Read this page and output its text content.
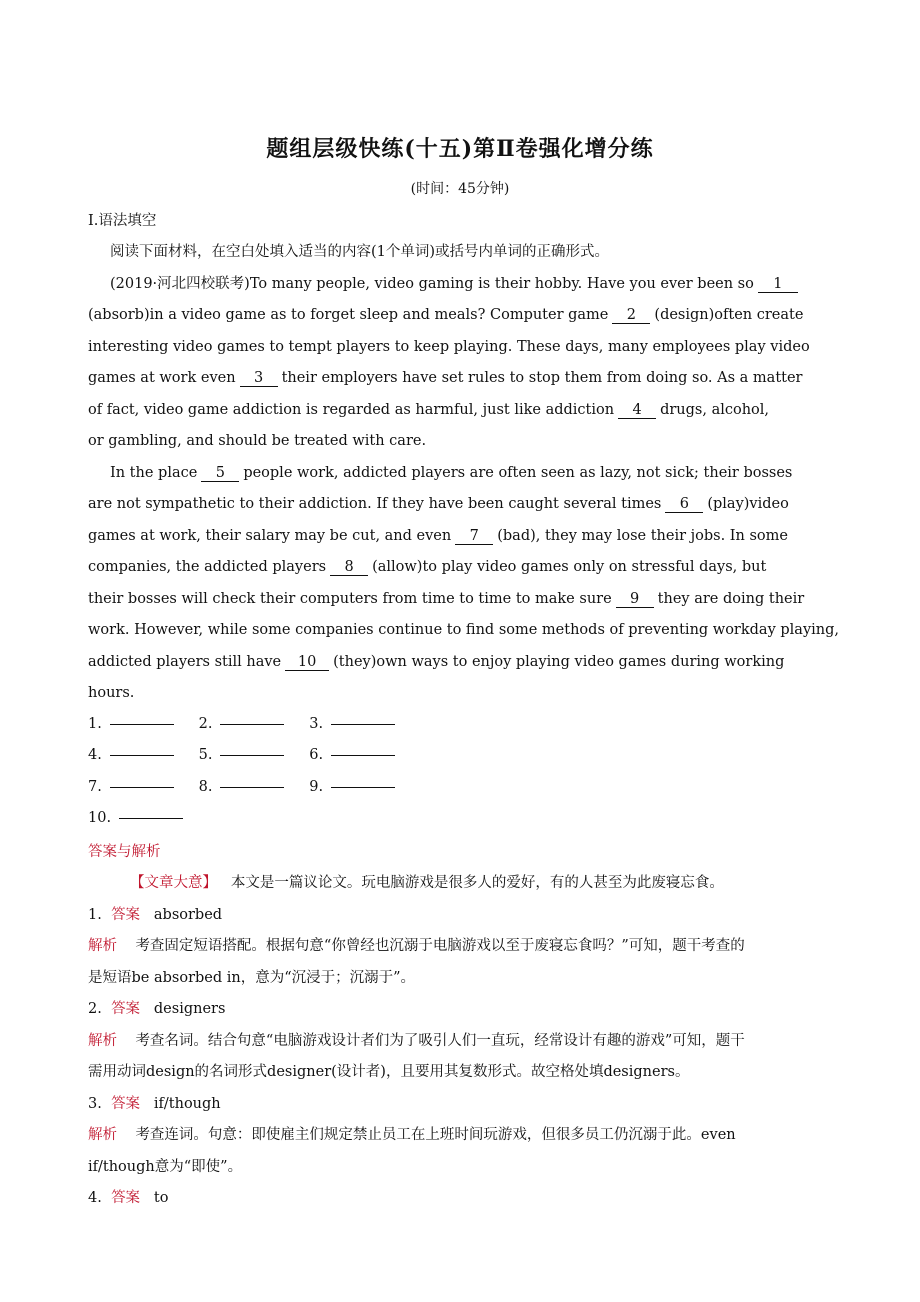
题组层级快练(十五)第Ⅱ卷强化增分练
(时间：45分钟)
Ⅰ.语法填空
阅读下面材料，在空白处填入适当的内容(1个单词)或括号内单词的正确形式。
(2019·河北四校联考)To many people, video gaming is their hobby. Have you ever been so 1
(absorb)in a video game as to forget sleep and meals? Computer game 2 (design)often create
interesting video games to tempt players to keep playing. These days, many employees play video
games at work even 3 their employers have set rules to stop them from doing so. As a matter
of fact, video game addiction is regarded as harmful, just like addiction 4 drugs, alcohol,
or gambling, and should be treated with care.
In the place 5 people work, addicted players are often seen as lazy, not sick; their bosses
are not sympathetic to their addiction. If they have been caught several times 6 (play)video
games at work, their salary may be cut, and even 7 (bad), they may lose their jobs. In some
companies, the addicted players 8 (allow)to play video games only on stressful days, but
their bosses will check their computers from time to time to make sure 9 they are doing their
work. However, while some companies continue to find some methods of preventing workday playing,
addicted players still have 10 (they)own ways to enjoy playing video games during working
hours.
1.	2.	3.
4.	5.	6.
7.	8.	9.
10.
答案与解析
【文章大意】 本文是一篇议论文。玩电脑游戏是很多人的爱好，有的人甚至为此废寝忘食。
1. 答案 absorbed
解析 考查固定短语搭配。根据句意“你曾经也沉溺于电脑游戏以至于废寝忘食吗？”可知，题干考查的
是短语be absorbed in，意为“沉浸于；沉溺于”。
2. 答案 designers
解析 考查名词。结合句意“电脑游戏设计者们为了吸引人们一直玩，经常设计有趣的游戏”可知，题干
需用动词design的名词形式designer(设计者)，且要用其复数形式。故空格处填designers。
3. 答案 if/though
解析 考查连词。句意：即使雇主们规定禁止员工在上班时间玩游戏，但很多员工仍沉溺于此。even
if/though意为“即使”。
4. 答案 to
